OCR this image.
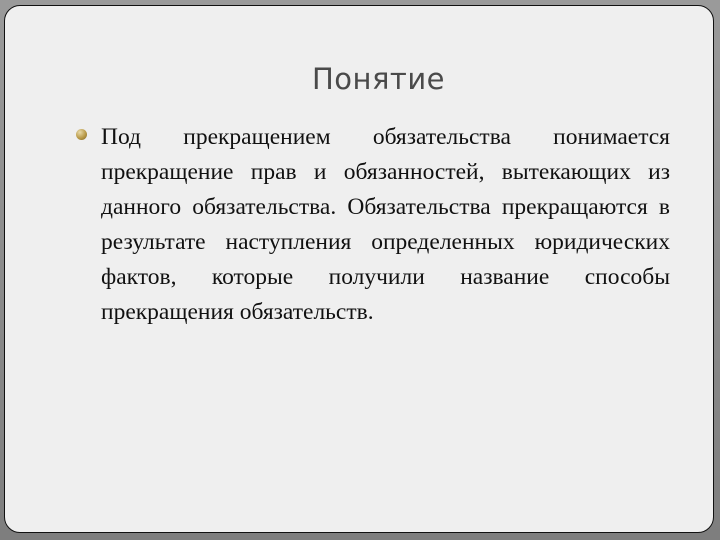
Понятие
Под прекращением обязательства понимается прекращение прав и обязанностей, вытекающих из данного обязательства. Обязательства прекращаются в результате наступления определенных юридических фактов, которые получили название способы прекращения обязательств.
